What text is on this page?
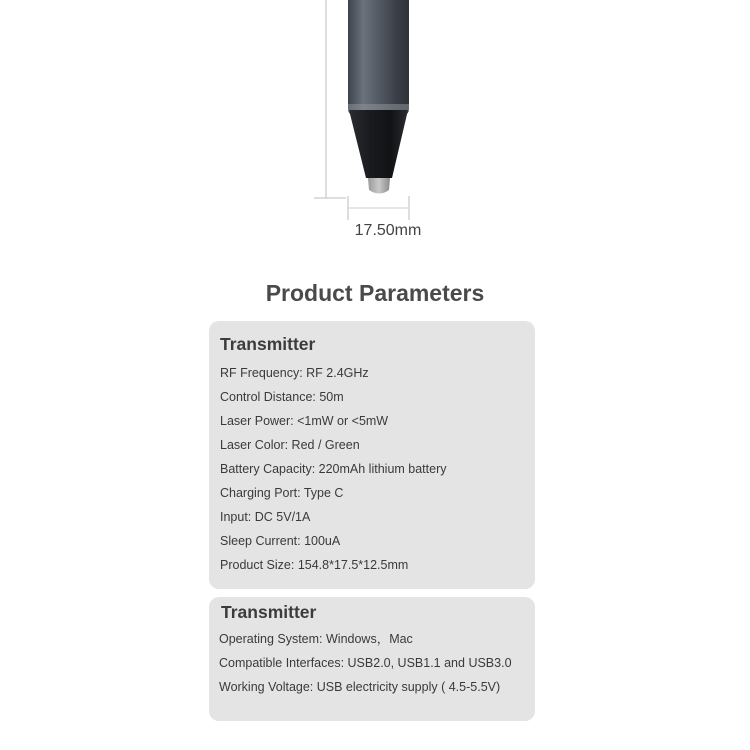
17.50mm
Product Parameters
Transmitter
RF Frequency: RF 2.4GHz
Control Distance: 50m
Laser Power: <1mW or <5mW
Laser Color: Red / Green
Battery Capacity: 220mAh lithium battery
Charging Port: Type C
Input: DC 5V/1A
Sleep Current: 100uA
Product Size: 154.8*17.5*12.5mm
Transmitter
Operating System: Windows，Mac
Compatible Interfaces: USB2.0, USB1.1 and USB3.0
Working Voltage: USB electricity supply ( 4.5-5.5V)
